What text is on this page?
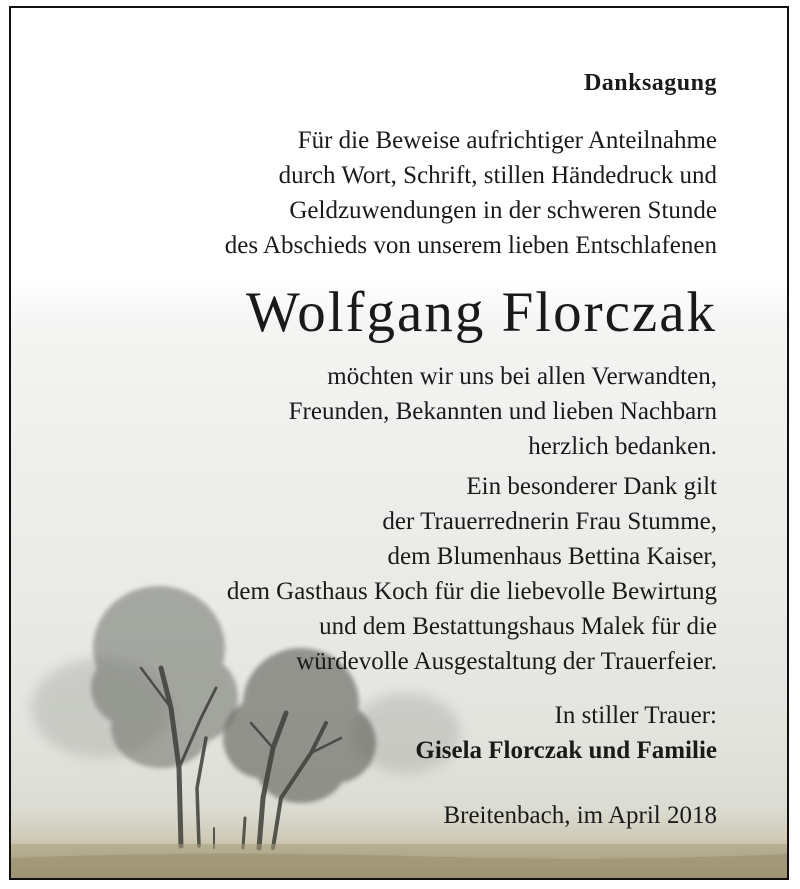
Danksagung
Für die Beweise aufrichtiger Anteilnahme
durch Wort, Schrift, stillen Händedruck und
Geldzuwendungen in der schweren Stunde
des Abschieds von unserem lieben Entschlafenen
Wolfgang Florczak
möchten wir uns bei allen Verwandten,
Freunden, Bekannten und lieben Nachbarn
herzlich bedanken.
Ein besonderer Dank gilt
der Trauerrednerin Frau Stumme,
dem Blumenhaus Bettina Kaiser,
dem Gasthaus Koch für die liebevolle Bewirtung
und dem Bestattungshaus Malek für die
würdevolle Ausgestaltung der Trauerfeier.
In stiller Trauer:
Gisela Florczak und Familie
Breitenbach, im April 2018
